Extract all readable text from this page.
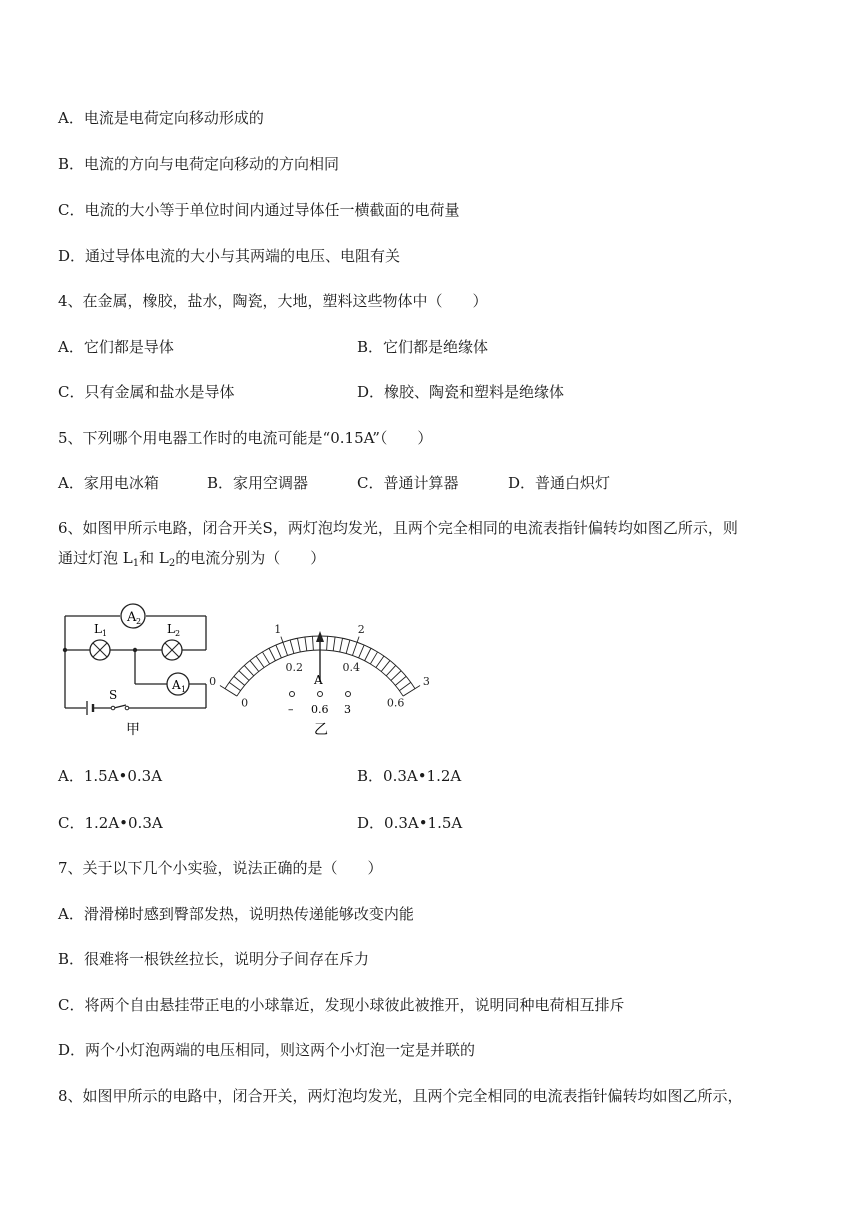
A．电流是电荷定向移动形成的
B．电流的方向与电荷定向移动的方向相同
C．电流的大小等于单位时间内通过导体任一横截面的电荷量
D．通过导体电流的大小与其两端的电压、电阻有关
4、在金属，橡胶，盐水，陶瓷，大地，塑料这些物体中（　　）
A．它们都是导体	B．它们都是绝缘体
C．只有金属和盐水是导体	D．橡胶、陶瓷和塑料是绝缘体
5、下列哪个用电器工作时的电流可能是“0.15A”（　　）
A．家用电冰箱	B．家用空调器	C．普通计算器	D．普通白炽灯
6、如图甲所示电路，闭合开关S，两灯泡均发光，且两个完全相同的电流表指针偏转均如图乙所示，则
通过灯泡 $L_1$和 $L_2$的电流分别为（　　）
A 2
L 1	L 2
A 1
S
甲
0
1	2
3
0
0.2	0.4
0.6
A
– 0.6 3
乙
A．1.5A•0.3A	B．0.3A•1.2A
C．1.2A•0.3A	D．0.3A•1.5A
7、关于以下几个小实验，说法正确的是（　　）
A．滑滑梯时感到臀部发热，说明热传递能够改变内能
B．很难将一根铁丝拉长，说明分子间存在斥力
C．将两个自由悬挂带正电的小球靠近，发现小球彼此被推开，说明同种电荷相互排斥
D．两个小灯泡两端的电压相同，则这两个小灯泡一定是并联的
8、如图甲所示的电路中，闭合开关，两灯泡均发光，且两个完全相同的电流表指针偏转均如图乙所示，
